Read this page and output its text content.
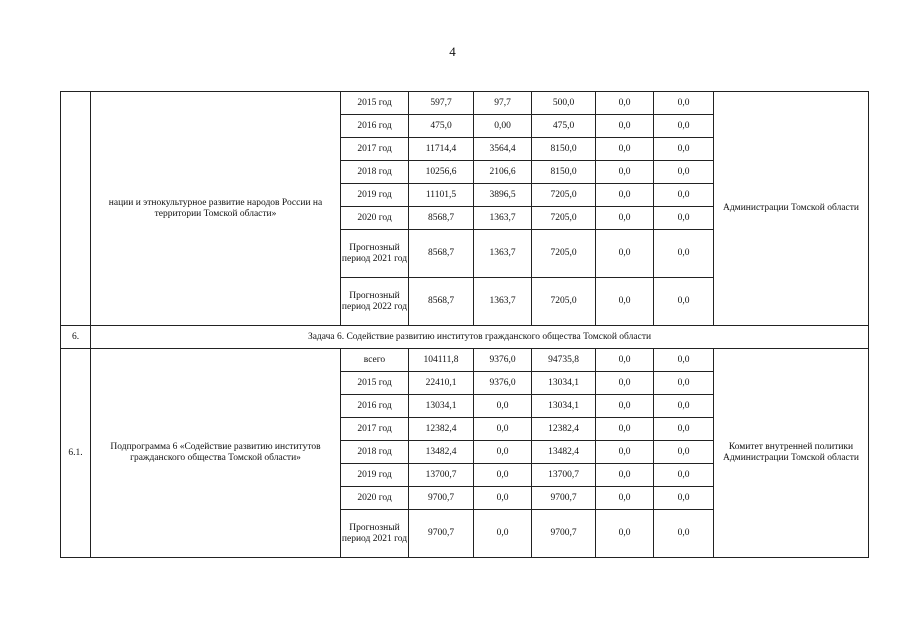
4
	нации и этнокультурное развитие народов России на территории Томской области»	2015 год	597,7	97,7	500,0	0,0	0,0	Администрации Томской области
		2016 год	475,0	0,00	475,0	0,0	0,0	
		2017 год	11714,4	3564,4	8150,0	0,0	0,0	
		2018 год	10256,6	2106,6	8150,0	0,0	0,0	
		2019 год	11101,5	3896,5	7205,0	0,0	0,0	
		2020 год	8568,7	1363,7	7205,0	0,0	0,0	
		Прогнозный период 2021 год	8568,7	1363,7	7205,0	0,0	0,0	
		Прогнозный период 2022 год	8568,7	1363,7	7205,0	0,0	0,0	
6.	Задача 6. Содействие развитию институтов гражданского общества Томской области							
6.1.	Подпрограмма 6 «Содействие развитию институтов гражданского общества Томской области»	всего	104111,8	9376,0	94735,8	0,0	0,0	Комитет внутренней политики Администрации Томской области
		2015 год	22410,1	9376,0	13034,1	0,0	0,0	
		2016 год	13034,1	0,0	13034,1	0,0	0,0	
		2017 год	12382,4	0,0	12382,4	0,0	0,0	
		2018 год	13482,4	0,0	13482,4	0,0	0,0	
		2019 год	13700,7	0,0	13700,7	0,0	0,0	
		2020 год	9700,7	0,0	9700,7	0,0	0,0	
		Прогнозный период 2021 год	9700,7	0,0	9700,7	0,0	0,0	
